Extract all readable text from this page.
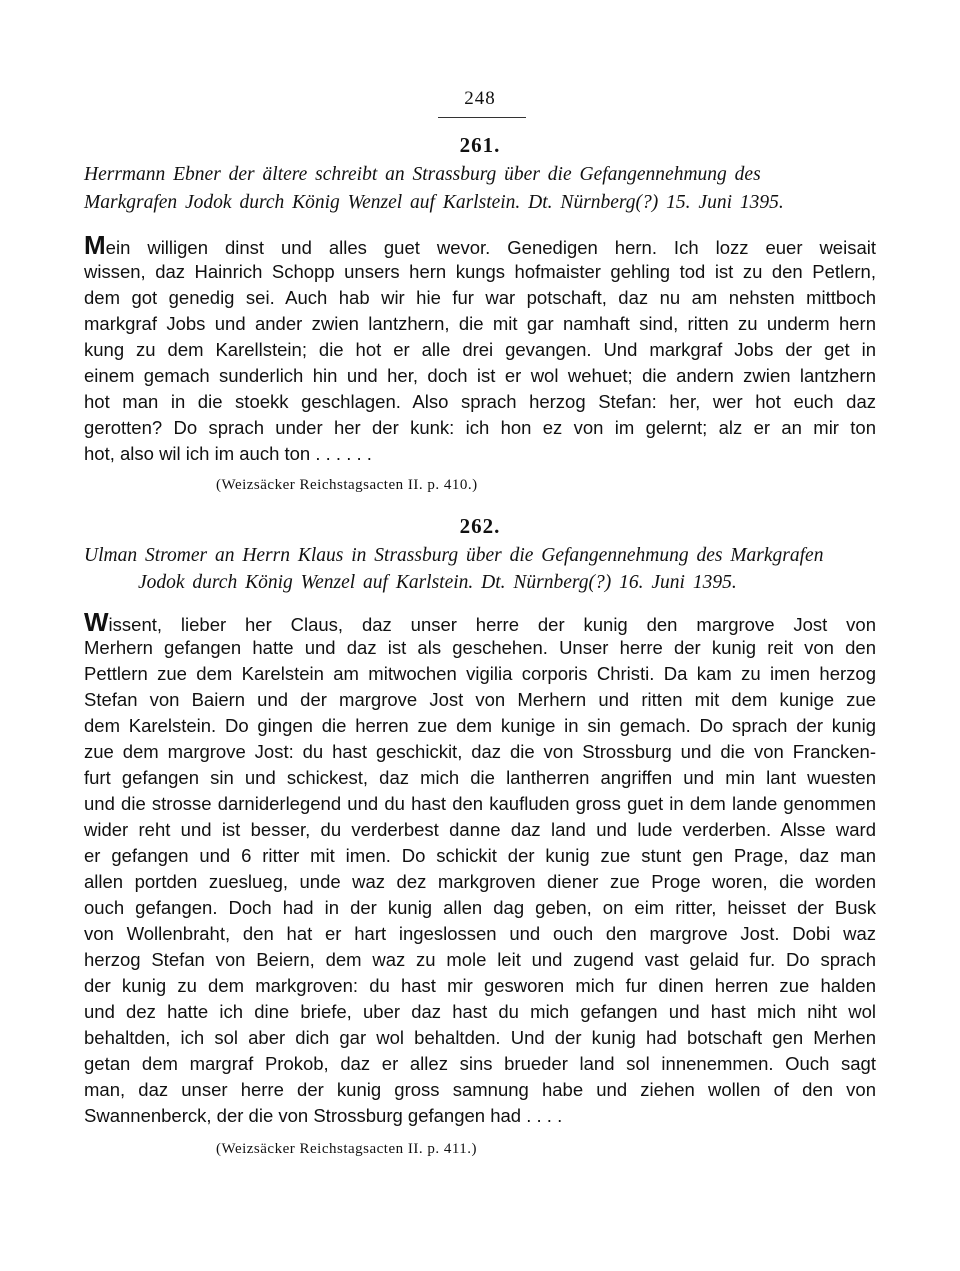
248
261.
Herrmann Ebner der ältere schreibt an Strassburg über die Gefangennehmung des
Markgrafen Jodok durch König Wenzel auf Karlstein. Dt. Nürnberg(?) 15. Juni 1395.
Mein willigen dinst und alles guet wevor. Genedigen hern. Ich lozz euer weisait
wissen, daz Hainrich Schopp unsers hern kungs hofmaister gehling tod ist zu den Petlern,
dem got genedig sei. Auch hab wir hie fur war potschaft, daz nu am nehsten mittboch
markgraf Jobs und ander zwien lantzhern, die mit gar namhaft sind, ritten zu underm hern
kung zu dem Karellstein; die hot er alle drei gevangen. Und markgraf Jobs der get in
einem gemach sunderlich hin und her, doch ist er wol wehuet; die andern zwien lantzhern
hot man in die stoekk geschlagen. Also sprach herzog Stefan: her, wer hot euch daz
gerotten? Do sprach under her der kunk: ich hon ez von im gelernt; alz er an mir ton
hot, also wil ich im auch ton . . . . . .
(Weizsäcker Reichstagsacten II. p. 410.)
262.
Ulman Stromer an Herrn Klaus in Strassburg über die Gefangennehmung des Markgrafen
Jodok durch König Wenzel auf Karlstein. Dt. Nürnberg(?) 16. Juni 1395.
Wissent, lieber her Claus, daz unser herre der kunig den margrove Jost von
Merhern gefangen hatte und daz ist als geschehen. Unser herre der kunig reit von den
Pettlern zue dem Karelstein am mitwochen vigilia corporis Christi. Da kam zu imen herzog
Stefan von Baiern und der margrove Jost von Merhern und ritten mit dem kunige zue
dem Karelstein. Do gingen die herren zue dem kunige in sin gemach. Do sprach der kunig
zue dem margrove Jost: du hast geschickit, daz die von Strossburg und die von Francken-
furt gefangen sin und schickest, daz mich die lantherren angriffen und min lant wuesten
und die strosse darniderlegend und du hast den kaufluden gross guet in dem lande genommen
wider reht und ist besser, du verderbest danne daz land und lude verderben. Alsse ward
er gefangen und 6 ritter mit imen. Do schickit der kunig zue stunt gen Prage, daz man
allen portden zueslueg, unde waz dez markgroven diener zue Proge woren, die worden
ouch gefangen. Doch had in der kunig allen dag geben, on eim ritter, heisset der Busk
von Wollenbraht, den hat er hart ingeslossen und ouch den margrove Jost. Dobi waz
herzog Stefan von Beiern, dem waz zu mole leit und zugend vast gelaid fur. Do sprach
der kunig zu dem markgroven: du hast mir gesworen mich fur dinen herren zue halden
und dez hatte ich dine briefe, uber daz hast du mich gefangen und hast mich niht wol
behaltden, ich sol aber dich gar wol behaltden. Und der kunig had botschaft gen Merhen
getan dem margraf Prokob, daz er allez sins brueder land sol innenemmen. Ouch sagt
man, daz unser herre der kunig gross samnung habe und ziehen wollen of den von
Swannenberck, der die von Strossburg gefangen had . . . .
(Weizsäcker Reichstagsacten II. p. 411.)
